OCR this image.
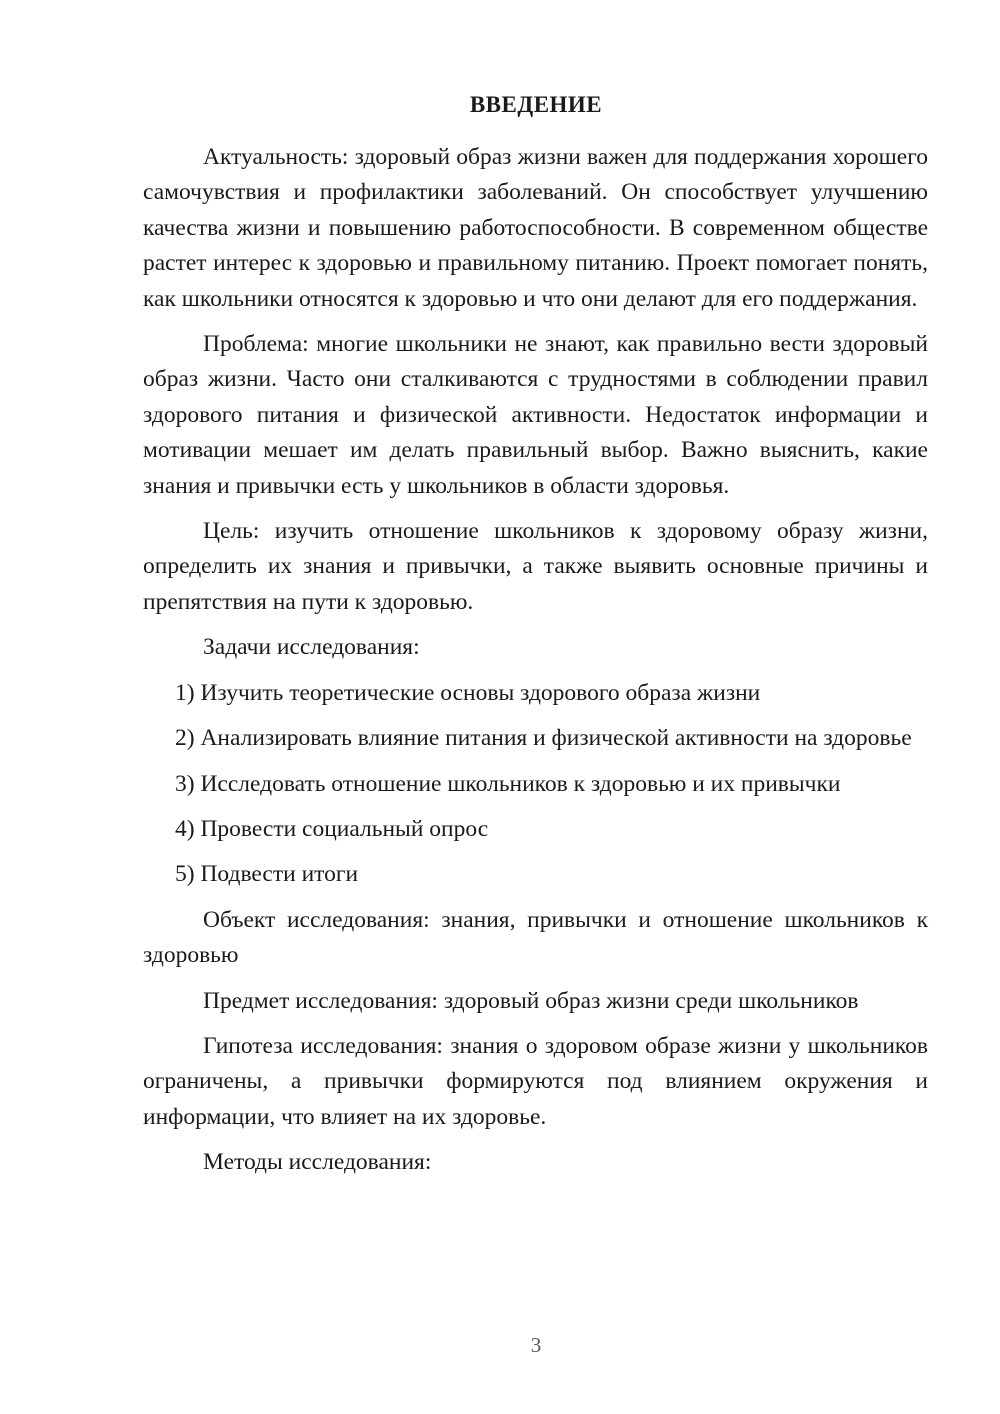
ВВЕДЕНИЕ

Актуальность: здоровый образ жизни важен для поддержания хорошего самочувствия и профилактики заболеваний. Он способствует улучшению качества жизни и повышению работоспособности. В современном обществе растет интерес к здоровью и правильному питанию. Проект помогает понять, как школьники относятся к здоровью и что они делают для его поддержания.

Проблема: многие школьники не знают, как правильно вести здоровый образ жизни. Часто они сталкиваются с трудностями в соблюдении правил здорового питания и физической активности. Недостаток информации и мотивации мешает им делать правильный выбор. Важно выяснить, какие знания и привычки есть у школьников в области здоровья.

Цель: изучить отношение школьников к здоровому образу жизни, определить их знания и привычки, а также выявить основные причины и препятствия на пути к здоровью.

Задачи исследования:

1) Изучить теоретические основы здорового образа жизни
2) Анализировать влияние питания и физической активности на здоровье
3) Исследовать отношение школьников к здоровью и их привычки
4) Провести социальный опрос
5) Подвести итоги

Объект исследования: знания, привычки и отношение школьников к здоровью

Предмет исследования: здоровый образ жизни среди школьников

Гипотеза исследования: знания о здоровом образе жизни у школьников ограничены, а привычки формируются под влиянием окружения и информации, что влияет на их здоровье.

Методы исследования:

3
